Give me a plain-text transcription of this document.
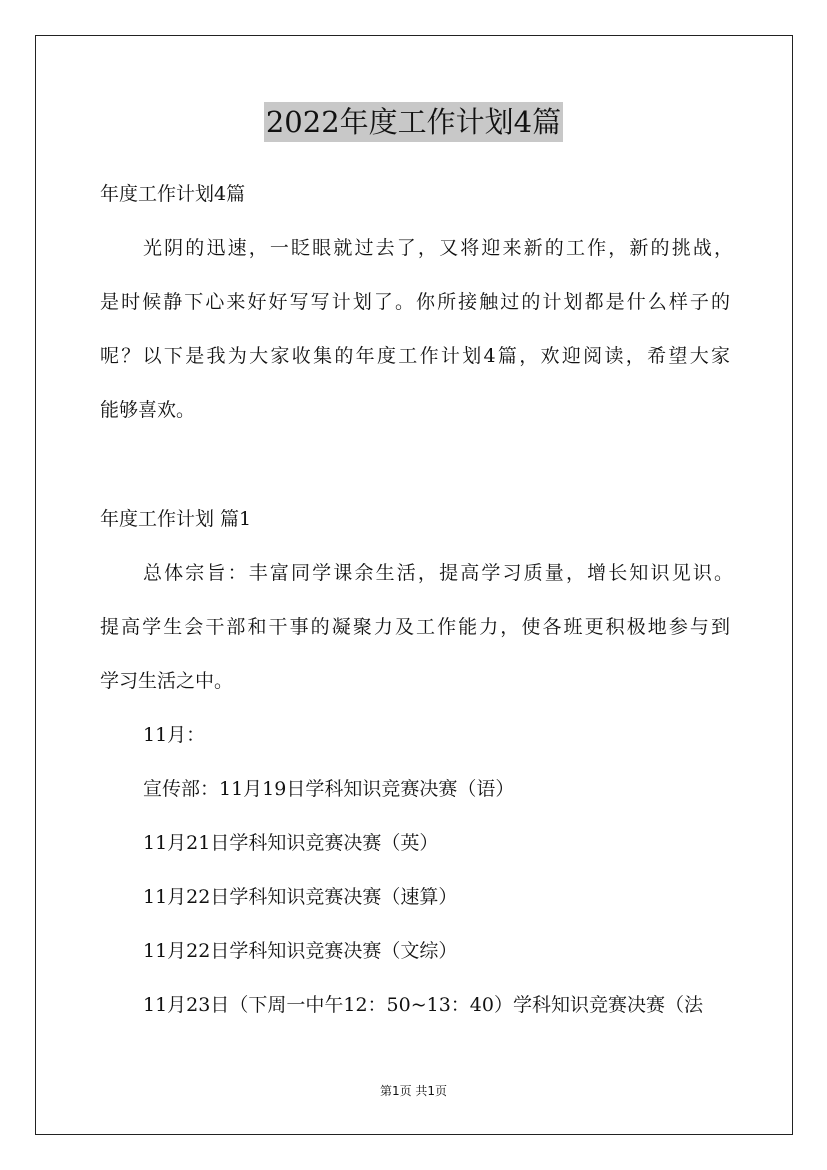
2022年度工作计划4篇
年度工作计划4篇
光阴的迅速，一眨眼就过去了，又将迎来新的工作，新的挑战，
是时候静下心来好好写写计划了。你所接触过的计划都是什么样子的
呢？以下是我为大家收集的年度工作计划4篇，欢迎阅读，希望大家
能够喜欢。
年度工作计划 篇1
总体宗旨：丰富同学课余生活，提高学习质量，增长知识见识。
提高学生会干部和干事的凝聚力及工作能力，使各班更积极地参与到
学习生活之中。
11月：
宣传部：11月19日学科知识竞赛决赛（语）
11月21日学科知识竞赛决赛（英）
11月22日学科知识竞赛决赛（速算）
11月22日学科知识竞赛决赛（文综）
11月23日（下周一中午12：50~13：40）学科知识竞赛决赛（法
第1页 共1页
